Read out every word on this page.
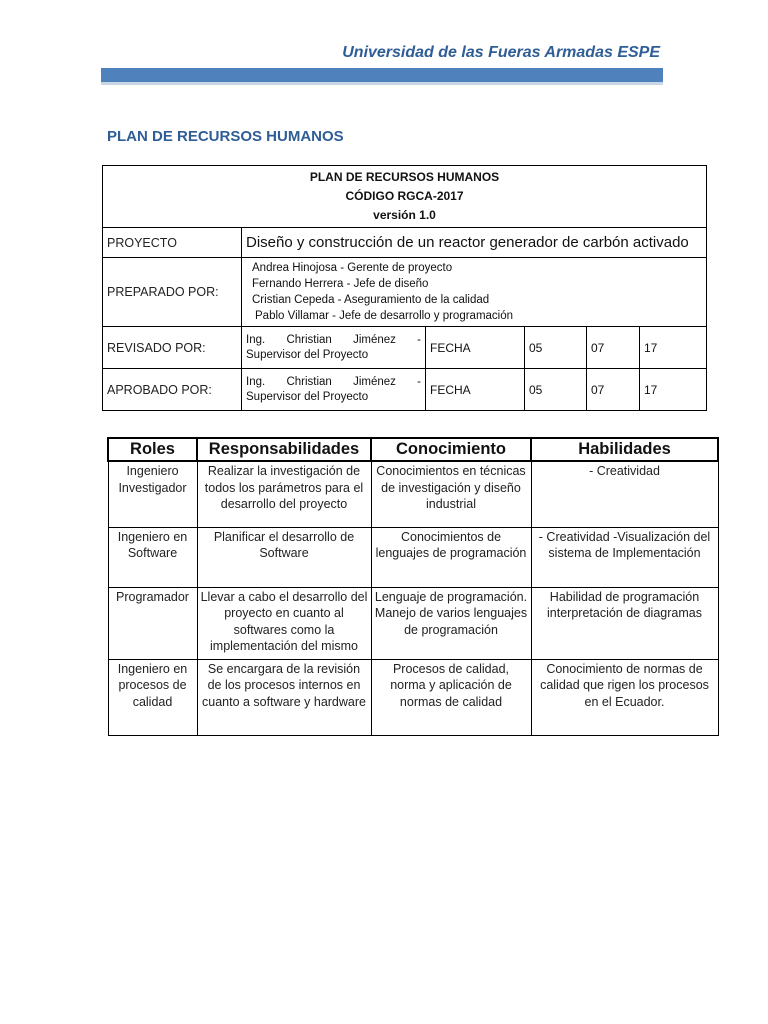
Universidad de las Fueras Armadas ESPE
PLAN DE RECURSOS HUMANOS
PLAN DE RECURSOS HUMANOS
CÓDIGO RGCA-2017
versión 1.0					

PROYECTO	Diseño y construcción de un reactor generador de carbón activado				
PREPARADO POR:	Andrea Hinojosa - Gerente de proyecto
Fernando Herrera - Jefe de diseño
Cristian Cepeda - Aseguramiento de la calidad
Pablo Villamar - Jefe de desarrollo y programación				

REVISADO POR:	Ing. Christian Jiménez -
Supervisor del Proyecto	FECHA	05	07	17
APROBADO POR:	Ing. Christian Jiménez -
Supervisor del Proyecto	FECHA	05	07	17
Roles	Responsabilidades	Conocimiento	Habilidades
Ingeniero Investigador	Realizar la investigación de todos los parámetros para el desarrollo del proyecto	Conocimientos en técnicas de investigación y diseño industrial	- Creatividad
Ingeniero en Software	Planificar el desarrollo de Software	Conocimientos de lenguajes de programación	- Creatividad -Visualización del sistema de Implementación
Programador	Llevar a cabo el desarrollo del proyecto en cuanto al softwares como la implementación del mismo	Lenguaje de programación. Manejo de varios lenguajes de programación	Habilidad de programación interpretación de diagramas
Ingeniero en procesos de calidad	Se encargara de la revisión de los procesos internos en cuanto a software y hardware	Procesos de calidad, norma y aplicación de normas de calidad	Conocimiento de normas de calidad que rigen los procesos en el Ecuador.
